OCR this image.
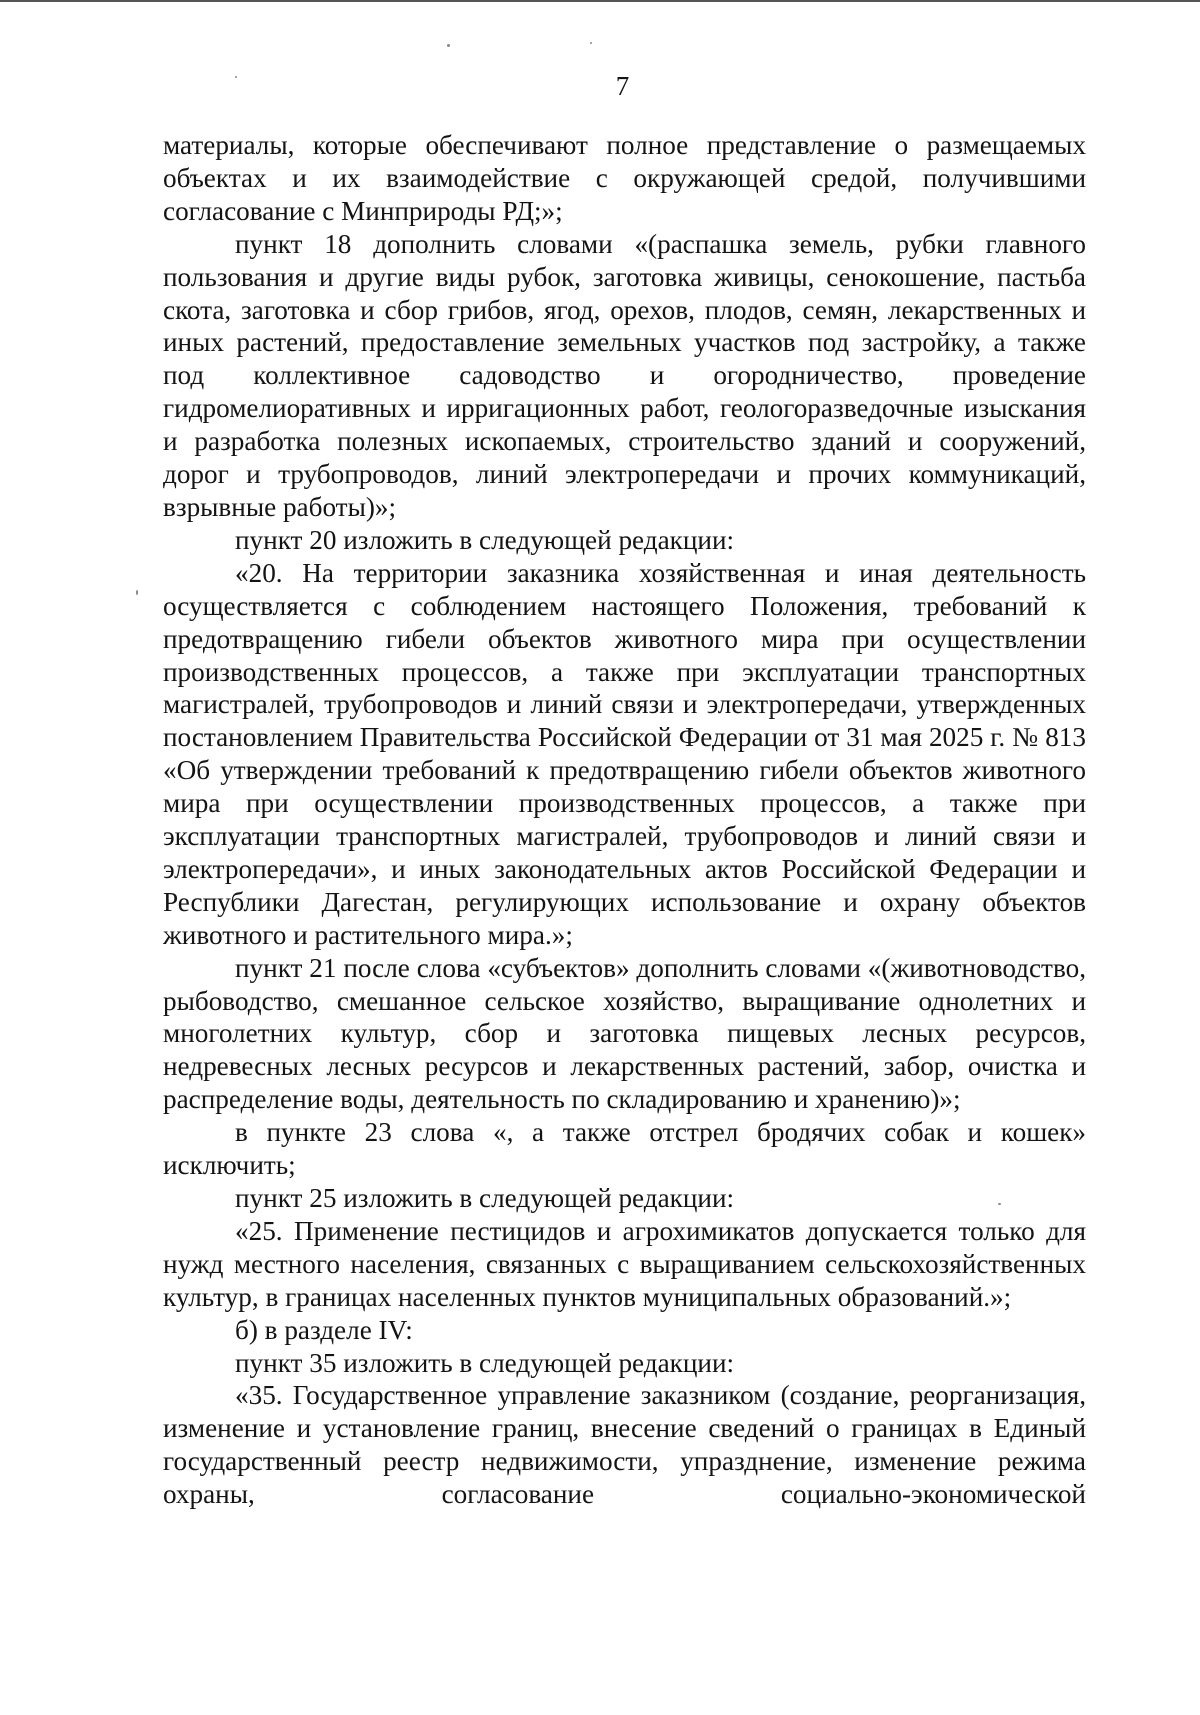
7

материалы, которые обеспечивают полное представление о размещаемых объектах и их взаимодействие с окружающей средой, получившими согласование с Минприроды РД;»;

пункт 18 дополнить словами «(распашка земель, рубки главного пользования и другие виды рубок, заготовка живицы, сенокошение, пастьба скота, заготовка и сбор грибов, ягод, орехов, плодов, семян, лекарственных и иных растений, предоставление земельных участков под застройку, а также под коллективное садоводство и огородничество, проведение гидромелиоративных и ирригационных работ, геологоразведочные изыскания и разработка полезных ископаемых, строительство зданий и сооружений, дорог и трубопроводов, линий электропередачи и прочих коммуникаций, взрывные работы)»;

пункт 20 изложить в следующей редакции:

«20. На территории заказника хозяйственная и иная деятельность осуществляется с соблюдением настоящего Положения, требований к предотвращению гибели объектов животного мира при осуществлении производственных процессов, а также при эксплуатации транспортных магистралей, трубопроводов и линий связи и электропередачи, утвержденных постановлением Правительства Российской Федерации от 31 мая 2025 г. № 813 «Об утверждении требований к предотвращению гибели объектов животного мира при осуществлении производственных процессов, а также при эксплуатации транспортных магистралей, трубопроводов и линий связи и электропередачи», и иных законодательных актов Российской Федерации и Республики Дагестан, регулирующих использование и охрану объектов животного и растительного мира.»;

пункт 21 после слова «субъектов» дополнить словами «(животноводство, рыбоводство, смешанное сельское хозяйство, выращивание однолетних и многолетних культур, сбор и заготовка пищевых лесных ресурсов, недревесных лесных ресурсов и лекарственных растений, забор, очистка и распределение воды, деятельность по складированию и хранению)»;

в пункте 23 слова «, а также отстрел бродячих собак и кошек» исключить;

пункт 25 изложить в следующей редакции:

«25. Применение пестицидов и агрохимикатов допускается только для нужд местного населения, связанных с выращиванием сельскохозяйственных культур, в границах населенных пунктов муниципальных образований.»;

б) в разделе IV:

пункт 35 изложить в следующей редакции:

«35. Государственное управление заказником (создание, реорганизация, изменение и установление границ, внесение сведений о границах в Единый государственный реестр недвижимости, упразднение, изменение режима охраны, согласование социально-экономической
